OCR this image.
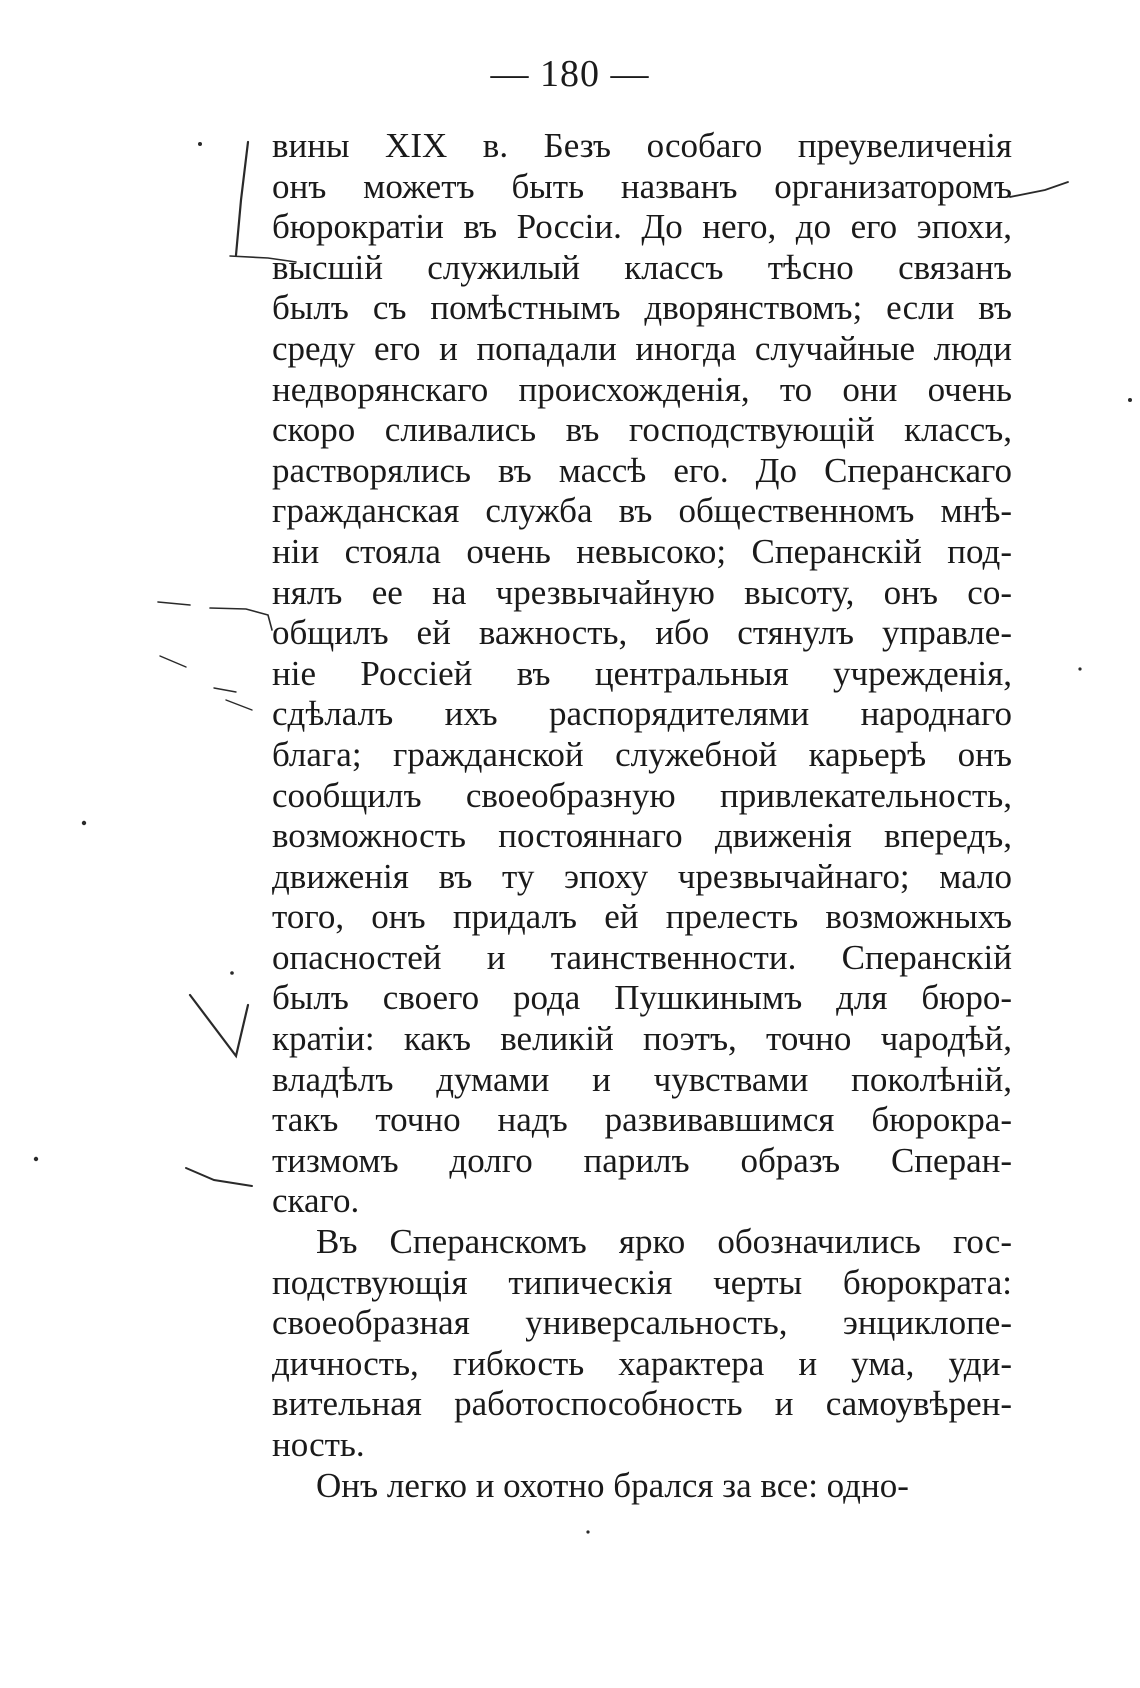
— 180 —
вины XIX в. Безъ особаго преувеличенія
онъ можетъ быть названъ организаторомъ
бюрократіи въ Россіи. До него, до его эпохи,
высшій служилый классъ тѣсно связанъ
былъ съ помѣстнымъ дворянствомъ; если въ
среду его и попадали иногда случайные люди
недворянскаго происхожденія, то они очень
скоро сливались въ господствующій классъ,
растворялись въ массѣ его. До Сперанскаго
гражданская служба въ общественномъ мнѣ-
ніи стояла очень невысоко; Сперанскій под-
нялъ ее на чрезвычайную высоту, онъ со-
общилъ ей важность, ибо стянулъ управле-
ніе Россіей въ центральныя учрежденія,
сдѣлалъ ихъ распорядителями народнаго
блага; гражданской служебной карьерѣ онъ
сообщилъ своеобразную привлекательность,
возможность постояннаго движенія впередъ,
движенія въ ту эпоху чрезвычайнаго; мало
того, онъ придалъ ей прелесть возможныхъ
опасностей и таинственности. Сперанскій
былъ своего рода Пушкинымъ для бюро-
кратіи: какъ великій поэтъ, точно чародѣй,
владѣлъ думами и чувствами поколѣній,
такъ точно надъ развивавшимся бюрокра-
тизмомъ долго парилъ образъ Сперан-
скаго.
Въ Сперанскомъ ярко обозначились гос-
подствующія типическія черты бюрократа:
своеобразная универсальность, энциклопе-
дичность, гибкость характера и ума, уди-
вительная работоспособность и самоувѣрен-
ность.
Онъ легко и охотно брался за все: одно-
